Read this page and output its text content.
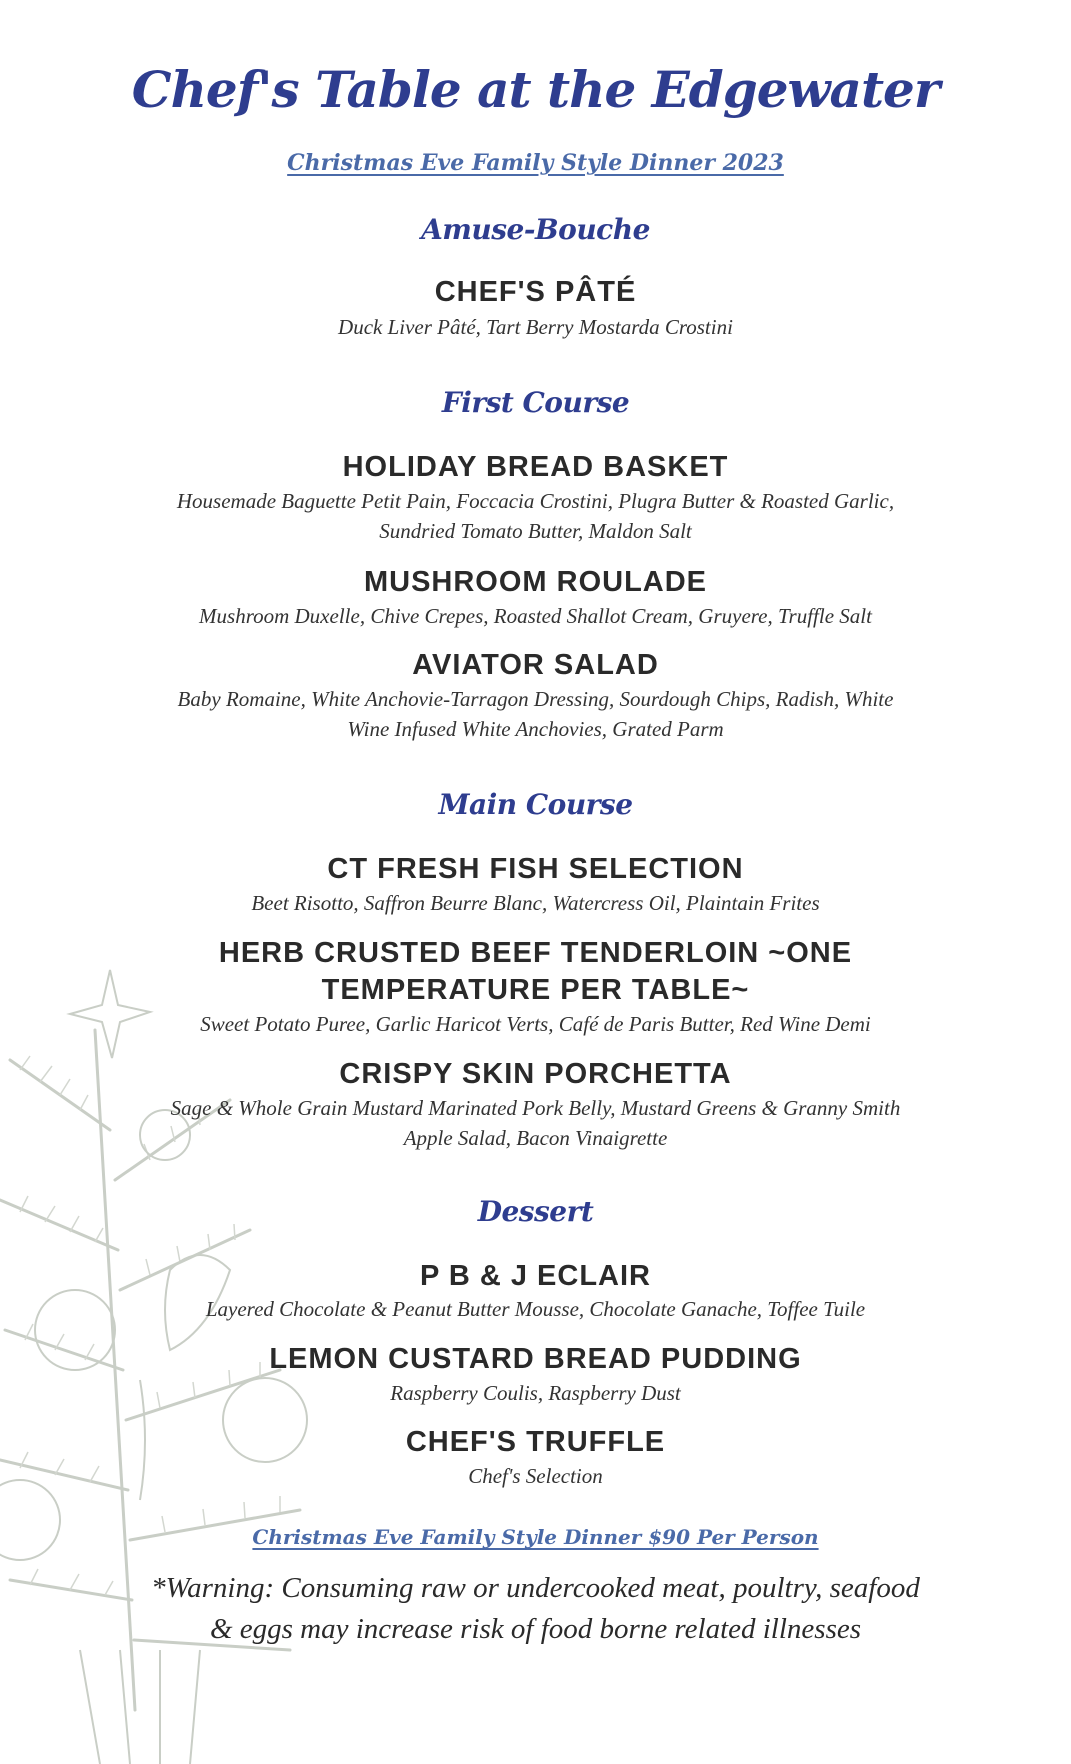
Chef's Table at the Edgewater
Christmas Eve Family Style Dinner 2023
Amuse-Bouche
CHEF'S PÂTÉ
Duck Liver Pâté, Tart Berry Mostarda Crostini
First Course
HOLIDAY BREAD BASKET
Housemade Baguette Petit Pain, Foccacia Crostini, Plugra Butter & Roasted Garlic, Sundried Tomato Butter, Maldon Salt
MUSHROOM ROULADE
Mushroom Duxelle, Chive Crepes, Roasted Shallot Cream, Gruyere, Truffle Salt
AVIATOR SALAD
Baby Romaine, White Anchovie-Tarragon Dressing, Sourdough Chips, Radish, White Wine Infused White Anchovies, Grated Parm
Main Course
CT FRESH FISH SELECTION
Beet Risotto, Saffron Beurre Blanc, Watercress Oil, Plaintain Frites
HERB CRUSTED BEEF TENDERLOIN ~ONE TEMPERATURE PER TABLE~
Sweet Potato Puree, Garlic Haricot Verts, Café de Paris Butter, Red Wine Demi
CRISPY SKIN PORCHETTA
Sage & Whole Grain Mustard Marinated Pork Belly, Mustard Greens & Granny Smith Apple Salad, Bacon Vinaigrette
Dessert
P B & J ECLAIR
Layered Chocolate & Peanut Butter Mousse, Chocolate Ganache, Toffee Tuile
LEMON CUSTARD BREAD PUDDING
Raspberry Coulis, Raspberry Dust
CHEF'S TRUFFLE
Chef's Selection
Christmas Eve Family Style Dinner $90 Per Person
*Warning: Consuming raw or undercooked meat, poultry, seafood & eggs may increase risk of food borne related illnesses
